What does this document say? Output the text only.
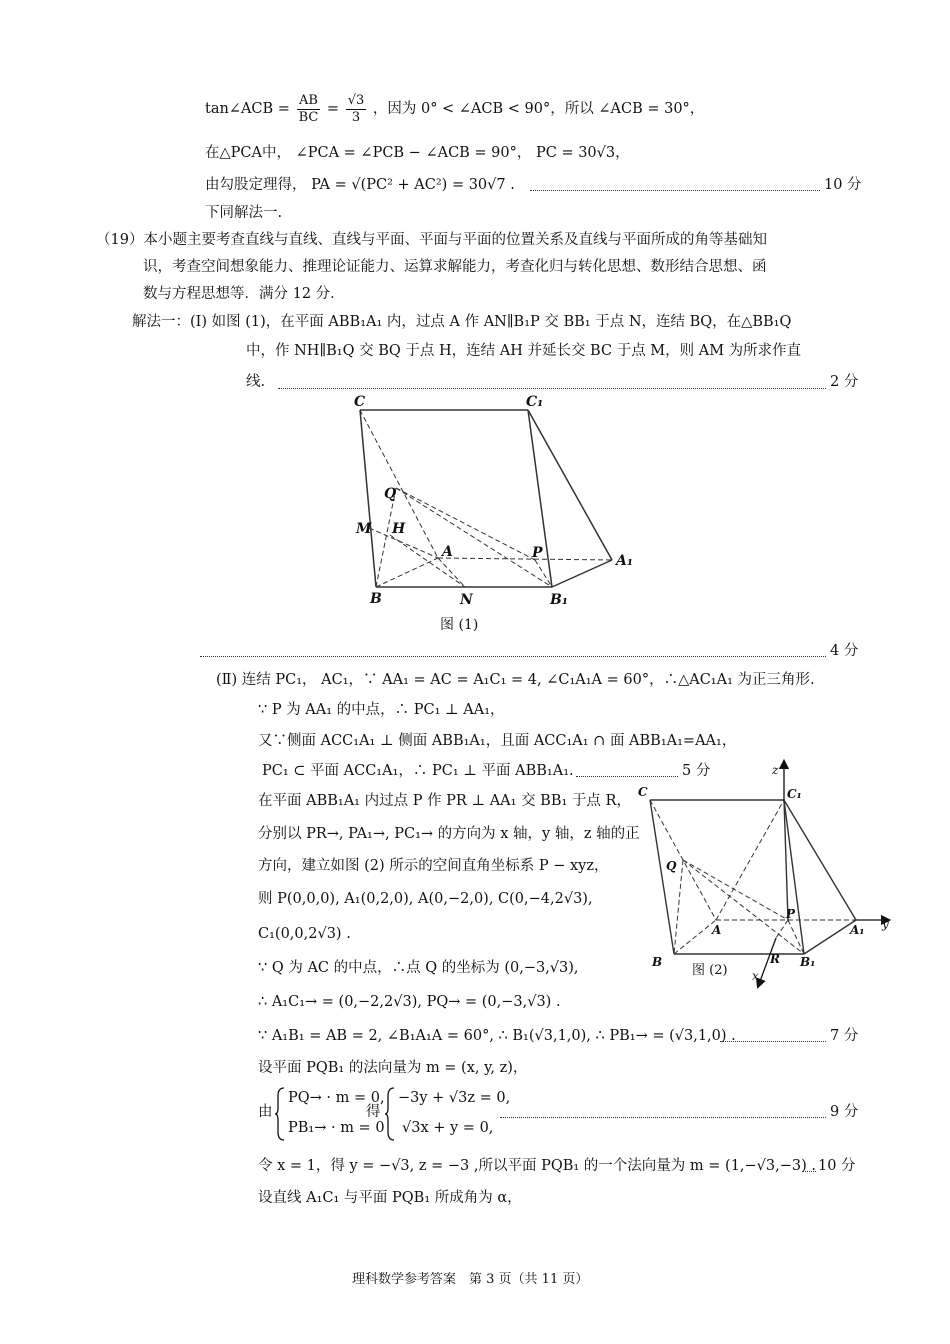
tan∠ACB = $\frac{AB}{BC} = \frac{√3}{3}$ ，因为 0° < ∠ACB < 90°，所以 ∠ACB = 30°，
在△PCA中， ∠PCA = ∠PCB − ∠ACB = 90°， PC = 30√3，
由勾股定理得， PA = √(PC² + AC²) = 30√7 .	10 分
下同解法一.
（19）本小题主要考查直线与直线、直线与平面、平面与平面的位置关系及直线与平面所成的角等基础知
识，考查空间想象能力、推理论证能力、运算求解能力，考查化归与转化思想、数形结合思想、函
数与方程思想等．满分 12 分．
解法一：(Ⅰ) 如图 (1)，在平面 ABB₁A₁ 内，过点 A 作 AN∥B₁P 交 BB₁ 于点 N，连结 BQ，在△BB₁Q
中，作 NH∥B₁Q 交 BQ 于点 H，连结 AH 并延长交 BC 于点 M，则 AM 为所求作直
线.	2 分
C	C₁
Q
M H
A	P	A₁
B	N	B₁
图 (1)
4 分
(Ⅱ) 连结 PC₁， AC₁，∵ AA₁ = AC = A₁C₁ = 4, ∠C₁A₁A = 60°，∴△AC₁A₁ 为正三角形.
∵ P 为 AA₁ 的中点，∴ PC₁ ⊥ AA₁，
又∵侧面 ACC₁A₁ ⊥ 侧面 ABB₁A₁，且面 ACC₁A₁ ∩ 面 ABB₁A₁=AA₁，
PC₁ ⊂ 平面 ACC₁A₁，∴ PC₁ ⊥ 平面 ABB₁A₁.	5 分
在平面 ABB₁A₁ 内过点 P 作 PR ⊥ AA₁ 交 BB₁ 于点 R，
分别以 PR→, PA₁→, PC₁→ 的方向为 x 轴，y 轴，z 轴的正
方向，建立如图 (2) 所示的空间直角坐标系 P − xyz，
则 P(0,0,0), A₁(0,2,0), A(0,−2,0), C(0,−4,2√3),
C₁(0,0,2√3) .
∵ Q 为 AC 的中点，∴点 Q 的坐标为 (0,−3,√3),
∴ A₁C₁→ = (0,−2,2√3), PQ→ = (0,−3,√3) .
∵ A₁B₁ = AB = 2, ∠B₁A₁A = 60°, ∴ B₁(√3,1,0), ∴ PB₁→ = (√3,1,0) .	7 分
设平面 PQB₁ 的法向量为 m = (x, y, z)，
由
PQ→ · m = 0,
PB₁→ · m = 0
得
−3y + √3z = 0,
√3x + y = 0,
9 分
令 x = 1，得 y = −√3, z = −3 ,所以平面 PQB₁ 的一个法向量为 m = (1,−√3,−3) . 10 分
设直线 A₁C₁ 与平面 PQB₁ 所成角为 α，
z
C	C₁
Q
A
P
A₁ y
B	R B₁
x
图 (2)
理科数学参考答案　第 3 页（共 11 页）
